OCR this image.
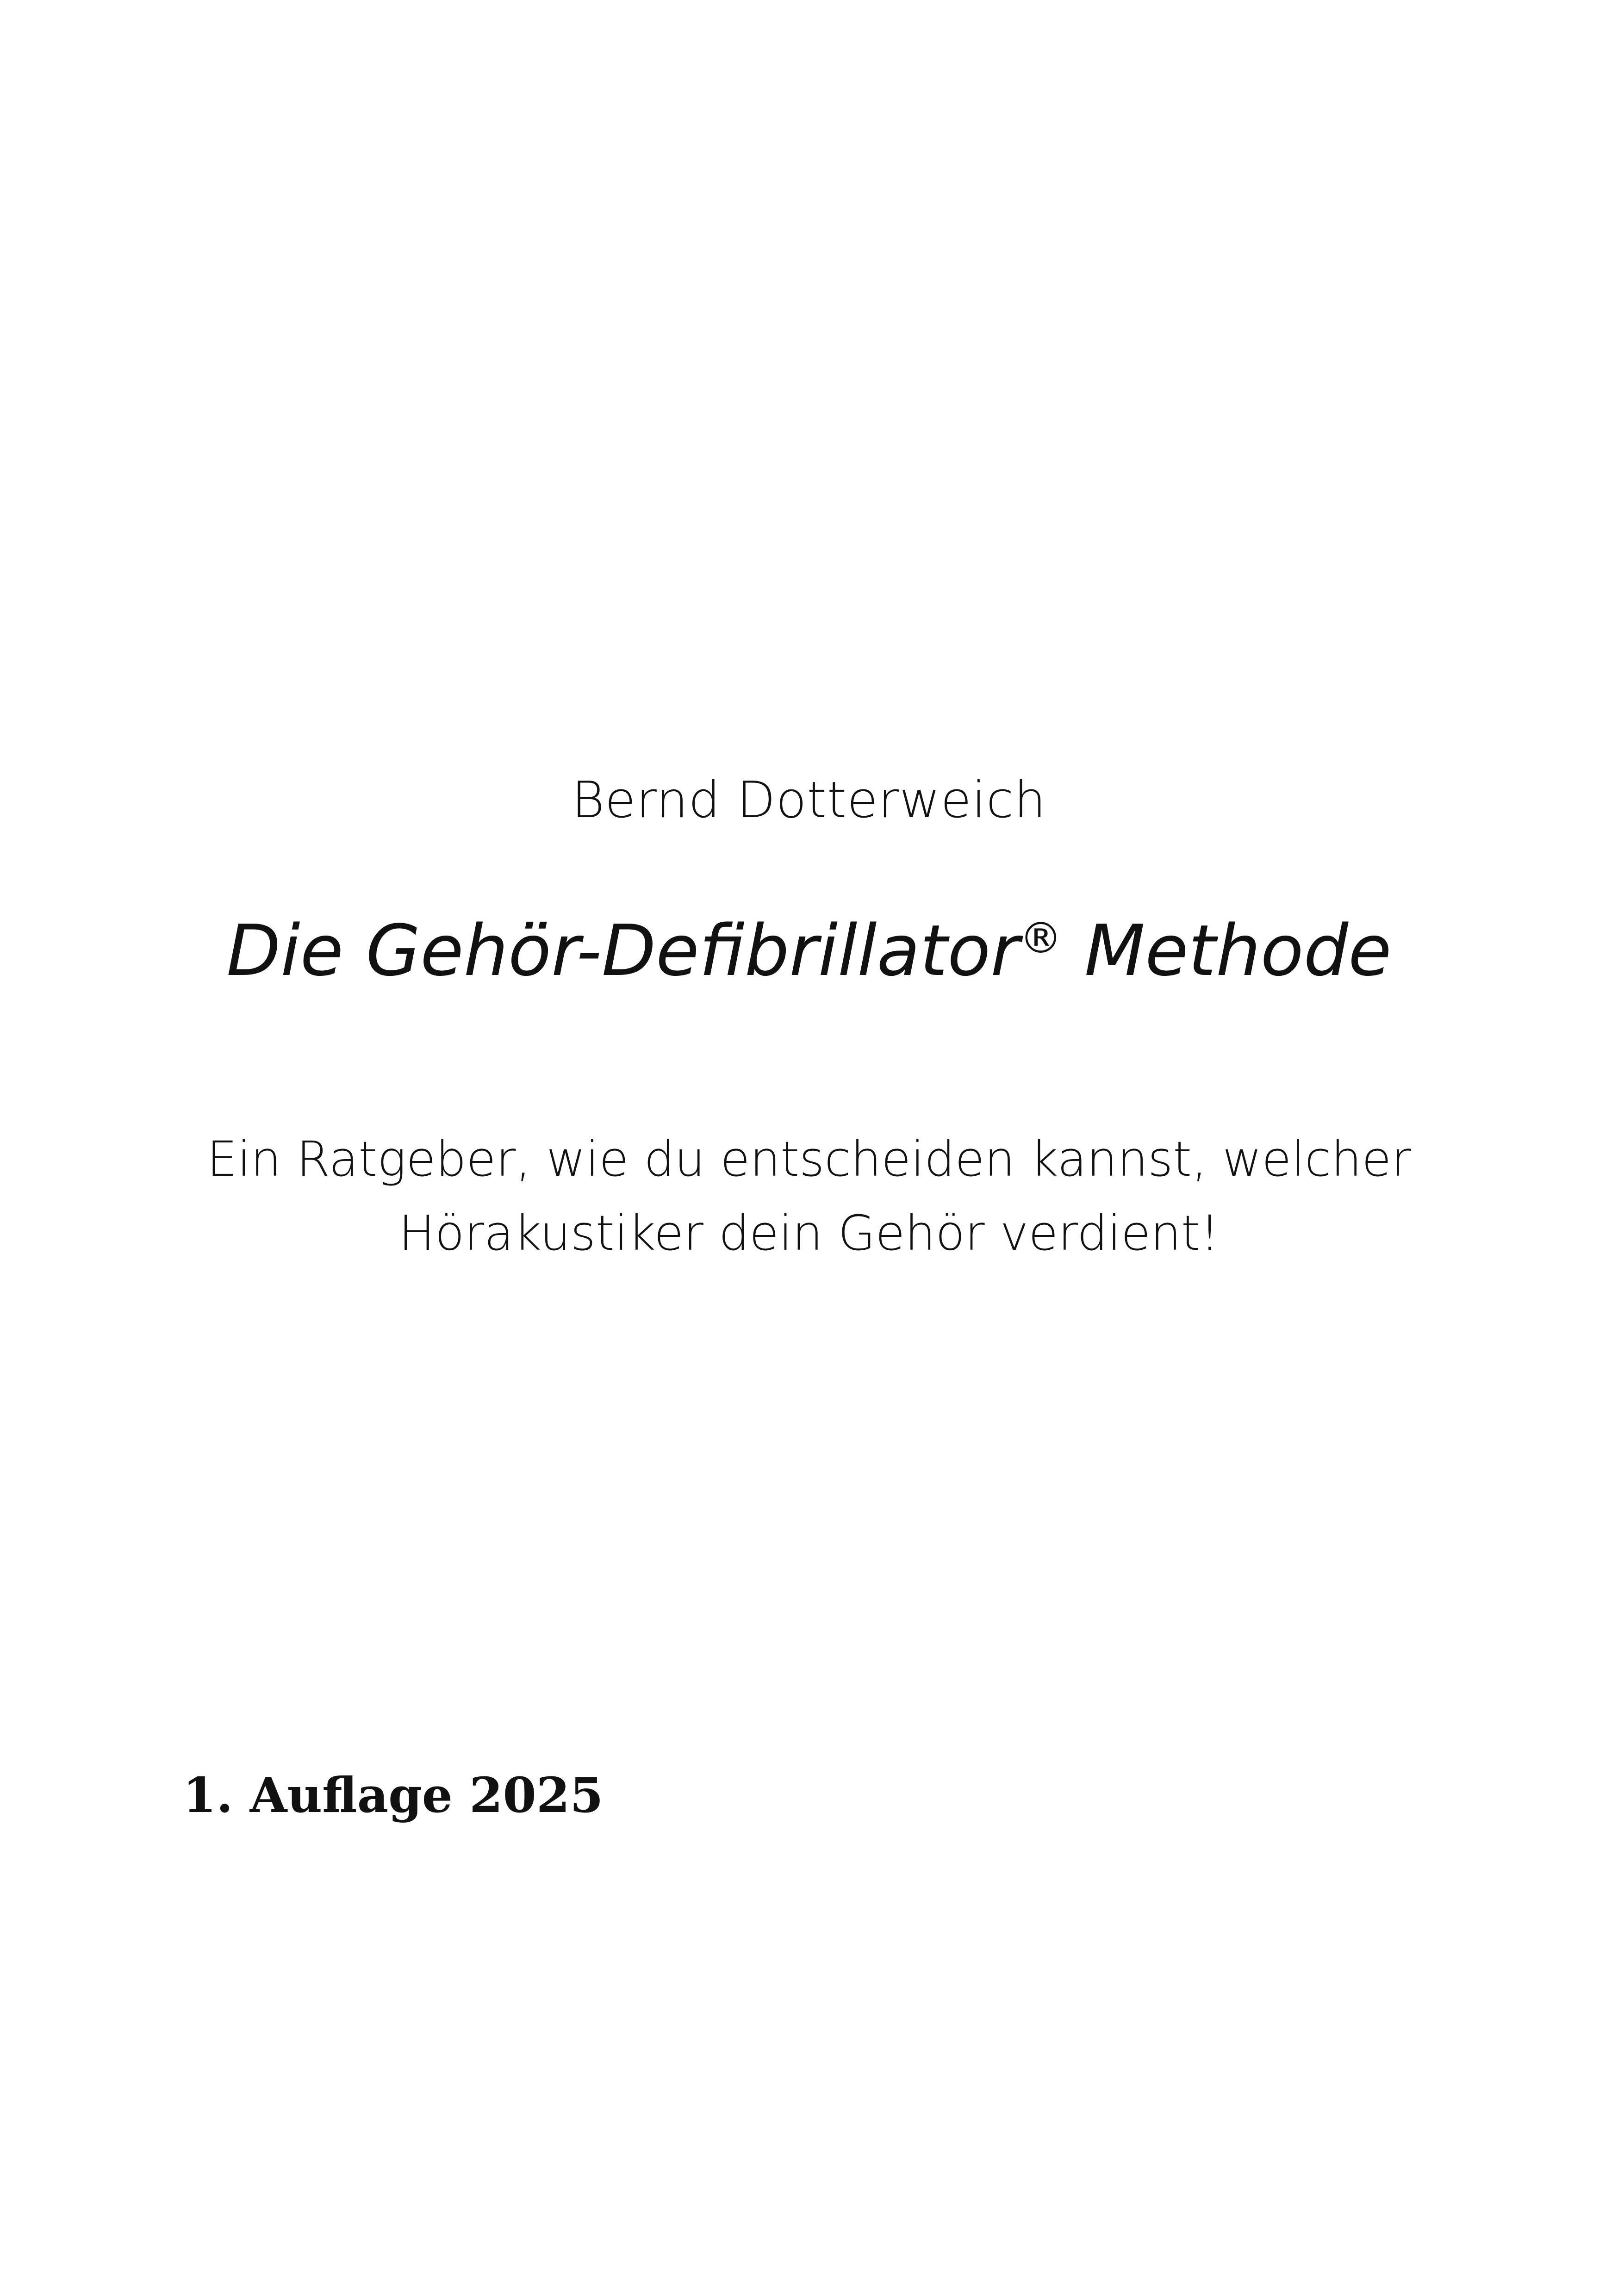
Bernd Dotterweich
Die Gehör-Defibrillator® Methode
Ein Ratgeber, wie du entscheiden kannst, welcher
Hörakustiker dein Gehör verdient!
1. Auflage 2025
